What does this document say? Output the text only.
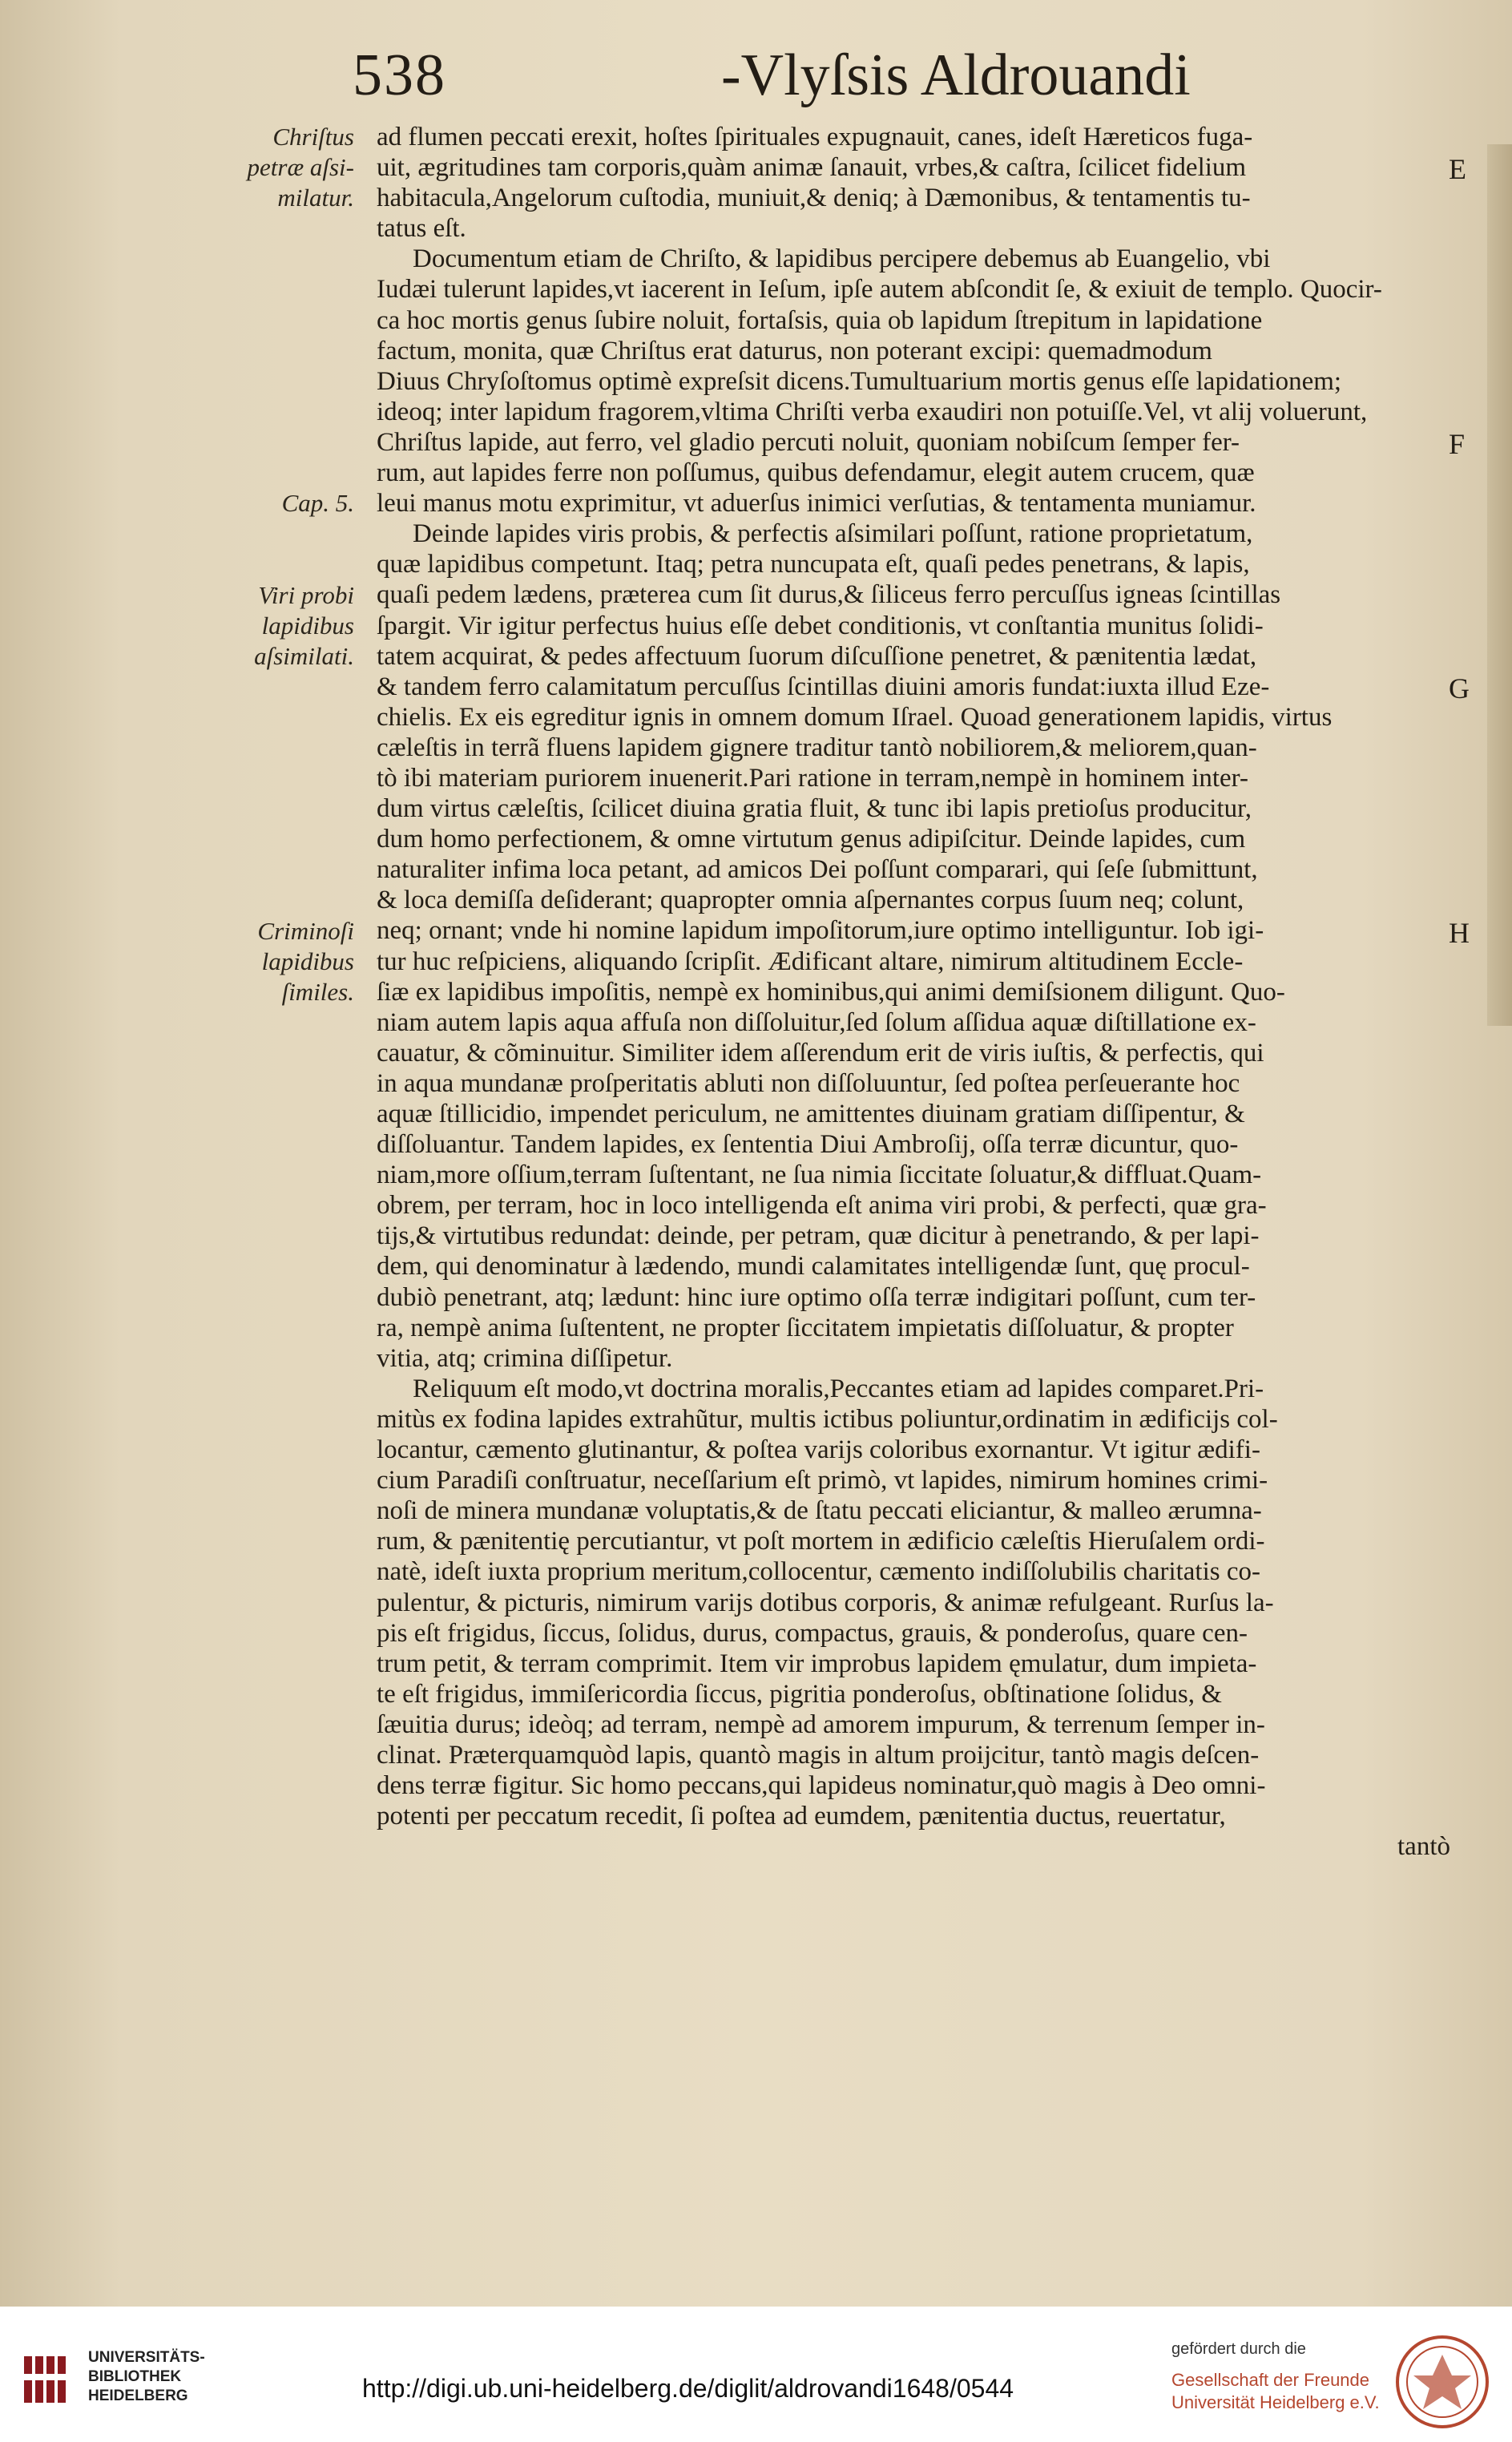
538	-Vlyſsis Aldrouandi
Chriſtus
petræ aſsi-
milatur.
Cap. 5.
Viri probi
lapidibus
aſsimilati.
Criminoſi
lapidibus
ſimiles.
ad flumen peccati erexit, hoſtes ſpirituales expugnauit, canes, ideſt Hæreticos fuga-
uit, ægritudines tam corporis,quàm animæ ſanauit, vrbes,& caſtra, ſcilicet fidelium
habitacula,Angelorum cuſtodia, muniuit,& deniq; à Dæmonibus, & tentamentis tu-
tatus eſt.
Documentum etiam de Chriſto, & lapidibus percipere debemus ab Euangelio, vbi
Iudæi tulerunt lapides,vt iacerent in Ieſum, ipſe autem abſcondit ſe, & exiuit de templo. Quocir-
ca hoc mortis genus ſubire noluit, fortaſsis, quia ob lapidum ſtrepitum in lapidatione
factum, monita, quæ Chriſtus erat daturus, non poterant excipi: quemadmodum
Diuus Chryſoſtomus optimè expreſsit dicens.Tumultuarium mortis genus eſſe lapidationem;
ideoq; inter lapidum fragorem,vltima Chriſti verba exaudiri non potuiſſe.Vel, vt alij voluerunt,
Chriſtus lapide, aut ferro, vel gladio percuti noluit, quoniam nobiſcum ſemper fer-
rum, aut lapides ferre non poſſumus, quibus defendamur, elegit autem crucem, quæ
leui manus motu exprimitur, vt aduerſus inimici verſutias, & tentamenta muniamur.
Deinde lapides viris probis, & perfectis aſsimilari poſſunt, ratione proprietatum,
quæ lapidibus competunt. Itaq; petra nuncupata eſt, quaſi pedes penetrans, & lapis,
quaſi pedem lædens, præterea cum ſit durus,& ſiliceus ferro percuſſus igneas ſcintillas
ſpargit. Vir igitur perfectus huius eſſe debet conditionis, vt conſtantia munitus ſolidi-
tatem acquirat, & pedes affectuum ſuorum diſcuſſione penetret, & pænitentia lædat,
& tandem ferro calamitatum percuſſus ſcintillas diuini amoris fundat:iuxta illud Eze-
chielis. Ex eis egreditur ignis in omnem domum Iſrael. Quoad generationem lapidis, virtus
cæleſtis in terrã fluens lapidem gignere traditur tantò nobiliorem,& meliorem,quan-
tò ibi materiam puriorem inuenerit.Pari ratione in terram,nempè in hominem inter-
dum virtus cæleſtis, ſcilicet diuina gratia fluit, & tunc ibi lapis pretioſus producitur,
dum homo perfectionem, & omne virtutum genus adipiſcitur. Deinde lapides, cum
naturaliter infima loca petant, ad amicos Dei poſſunt comparari, qui ſeſe ſubmittunt,
& loca demiſſa deſiderant; quapropter omnia aſpernantes corpus ſuum neq; colunt,
neq; ornant; vnde hi nomine lapidum impoſitorum,iure optimo intelliguntur. Iob igi-
tur huc reſpiciens, aliquando ſcripſit. Ædificant altare, nimirum altitudinem Eccle-
ſiæ ex lapidibus impoſitis, nempè ex hominibus,qui animi demiſsionem diligunt. Quo-
niam autem lapis aqua affuſa non diſſoluitur,ſed ſolum aſſidua aquæ diſtillatione ex-
cauatur, & cõminuitur. Similiter idem aſſerendum erit de viris iuſtis, & perfectis, qui
in aqua mundanæ proſperitatis abluti non diſſoluuntur, ſed poſtea perſeuerante hoc
aquæ ſtillicidio, impendet periculum, ne amittentes diuinam gratiam diſſipentur, &
diſſoluantur. Tandem lapides, ex ſententia Diui Ambroſij, oſſa terræ dicuntur, quo-
niam,more oſſium,terram ſuſtentant, ne ſua nimia ſiccitate ſoluatur,& diffluat.Quam-
obrem, per terram, hoc in loco intelligenda eſt anima viri probi, & perfecti, quæ gra-
tijs,& virtutibus redundat: deinde, per petram, quæ dicitur à penetrando, & per lapi-
dem, qui denominatur à lædendo, mundi calamitates intelligendæ ſunt, quę procul-
dubiò penetrant, atq; lædunt: hinc iure optimo oſſa terræ indigitari poſſunt, cum ter-
ra, nempè anima ſuſtentent, ne propter ſiccitatem impietatis diſſoluatur, & propter
vitia, atq; crimina diſſipetur.
Reliquum eſt modo,vt doctrina moralis,Peccantes etiam ad lapides comparet.Pri-
mitùs ex fodina lapides extrahũtur, multis ictibus poliuntur,ordinatim in ædificijs col-
locantur, cæmento glutinantur, & poſtea varijs coloribus exornantur. Vt igitur ædifi-
cium Paradiſi conſtruatur, neceſſarium eſt primò, vt lapides, nimirum homines crimi-
noſi de minera mundanæ voluptatis,& de ſtatu peccati eliciantur, & malleo ærumna-
rum, & pænitentię percutiantur, vt poſt mortem in ædificio cæleſtis Hieruſalem ordi-
natè, ideſt iuxta proprium meritum,collocentur, cæmento indiſſolubilis charitatis co-
pulentur, & picturis, nimirum varijs dotibus corporis, & animæ refulgeant. Rurſus la-
pis eſt frigidus, ſiccus, ſolidus, durus, compactus, grauis, & ponderoſus, quare cen-
trum petit, & terram comprimit. Item vir improbus lapidem ęmulatur, dum impieta-
te eſt frigidus, immiſericordia ſiccus, pigritia ponderoſus, obſtinatione ſolidus, &
ſæuitia durus; ideòq; ad terram, nempè ad amorem impurum, & terrenum ſemper in-
clinat. Præterquamquòd lapis, quantò magis in altum proijcitur, tantò magis deſcen-
dens terræ figitur. Sic homo peccans,qui lapideus nominatur,quò magis à Deo omni-
potenti per peccatum recedit, ſi poſtea ad eumdem, pænitentia ductus, reuertatur,
tantò
E
F
G
H
UNIVERSITÄTS-
BIBLIOTHEK
HEIDELBERG	http://digi.ub.uni-heidelberg.de/diglit/aldrovandi1648/0544
gefördert durch die
Gesellschaft der Freunde
Universität Heidelberg e.V.
